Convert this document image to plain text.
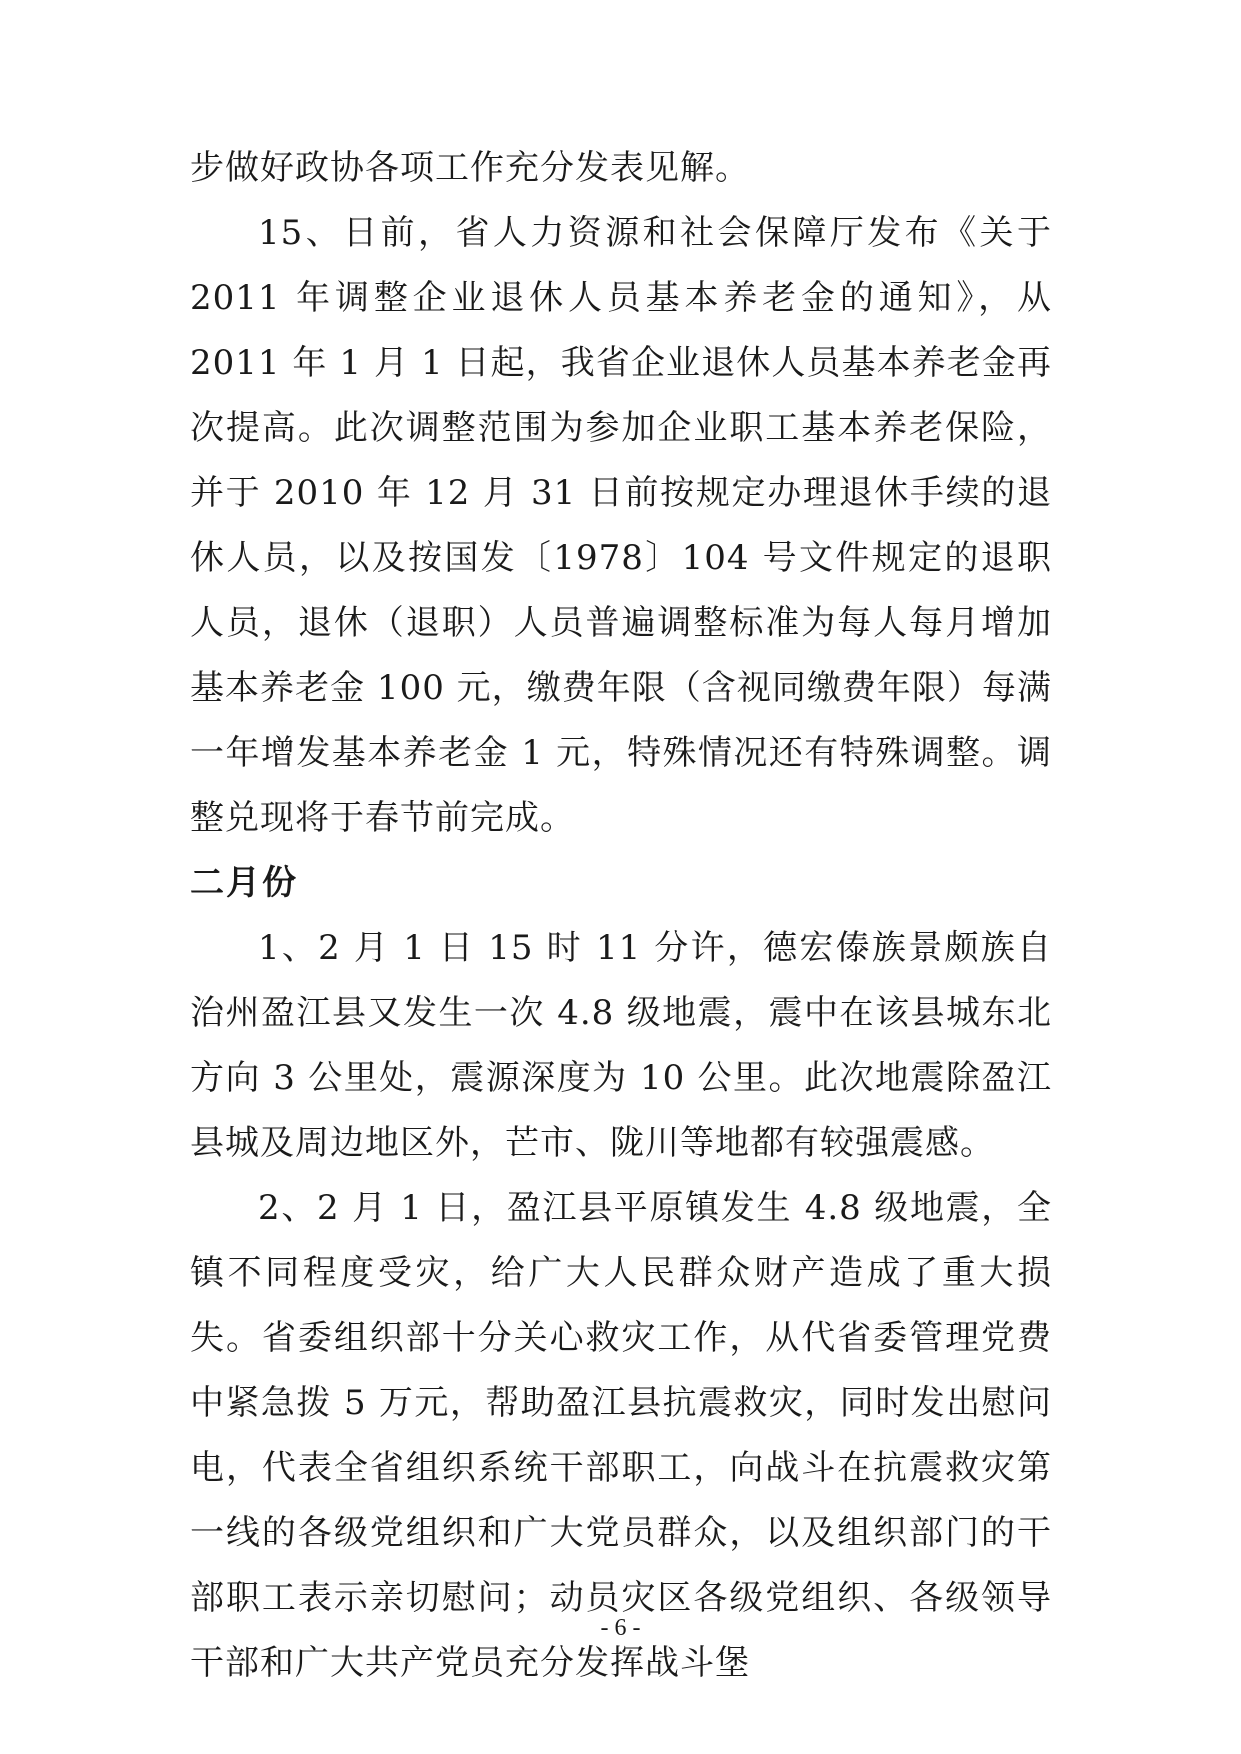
步做好政协各项工作充分发表见解。

15、日前，省人力资源和社会保障厅发布《关于 2011 年调整企业退休人员基本养老金的通知》，从 2011 年 1 月 1 日起，我省企业退休人员基本养老金再次提高。此次调整范围为参加企业职工基本养老保险，并于 2010 年 12 月 31 日前按规定办理退休手续的退休人员，以及按国发〔1978〕104 号文件规定的退职人员，退休（退职）人员普遍调整标准为每人每月增加基本养老金 100 元，缴费年限（含视同缴费年限）每满一年增发基本养老金 1 元，特殊情况还有特殊调整。调整兑现将于春节前完成。

二月份

1、2 月 1 日 15 时 11 分许，德宏傣族景颇族自治州盈江县又发生一次 4.8 级地震，震中在该县城东北方向 3 公里处，震源深度为 10 公里。此次地震除盈江县城及周边地区外，芒市、陇川等地都有较强震感。

2、2 月 1 日，盈江县平原镇发生 4.8 级地震，全镇不同程度受灾，给广大人民群众财产造成了重大损失。省委组织部十分关心救灾工作，从代省委管理党费中紧急拨 5 万元，帮助盈江县抗震救灾，同时发出慰问电，代表全省组织系统干部职工，向战斗在抗震救灾第一线的各级党组织和广大党员群众，以及组织部门的干部职工表示亲切慰问；动员灾区各级党组织、各级领导干部和广大共产党员充分发挥战斗堡

- 6 -
